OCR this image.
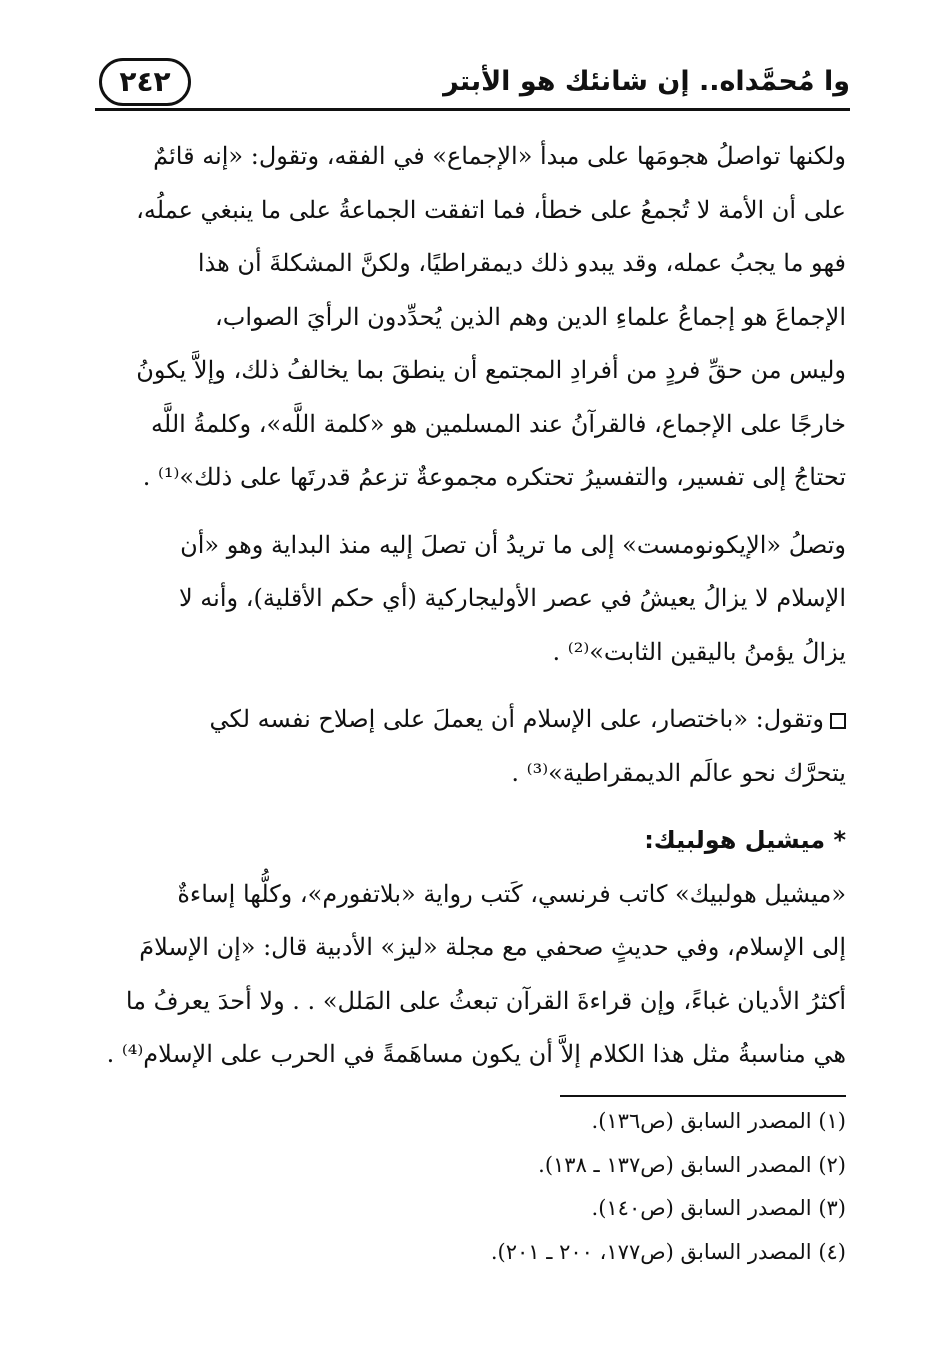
وا مُحمَّداه.. إن شانئك هو الأبتر
٢٤٢
ولكنها تواصلُ هجومَها على مبدأ «الإجماع» في الفقه، وتقول: «إنه قائمٌ
على أن الأمة لا تُجمعُ على خطأ، فما اتفقت الجماعةُ على ما ينبغي عملُه،
فهو ما يجبُ عمله، وقد يبدو ذلك ديمقراطيًا، ولكنَّ المشكلةَ أن هذا
الإجماعَ هو إجماعُ علماءِ الدين وهم الذين يُحدِّدون الرأيَ الصواب،
وليس من حقِّ فردٍ من أفرادِ المجتمع أن ينطقَ بما يخالفُ ذلك، وإلاَّ يكونُ
خارجًا على الإجماع، فالقرآنُ عند المسلمين هو «كلمة اللَّه»، وكلمةُ اللَّه
تحتاجُ إلى تفسير، والتفسيرُ تحتكره مجموعةٌ تزعمُ قدرتَها على ذلك»⁽¹⁾ .
وتصلُ «الإيكونومست» إلى ما تريدُ أن تصلَ إليه منذ البداية وهو «أن
الإسلام لا يزالُ يعيشُ في عصر الأوليجاركية (أي حكم الأقلية)، وأنه لا
يزالُ يؤمنُ باليقين الثابت»⁽²⁾ .
وتقول: «باختصار، على الإسلام أن يعملَ على إصلاح نفسه لكي
يتحرَّك نحو عالَم الديمقراطية»⁽³⁾ .
* ميشيل هولبيك:
«ميشيل هولبيك» كاتب فرنسي، كَتب رواية «بلاتفورم»، وكلُّها إساءةٌ
إلى الإسلام، وفي حديثٍ صحفي مع مجلة «ليز» الأدبية قال: «إن الإسلامَ
أكثرُ الأديان غباءً، وإن قراءةَ القرآن تبعثُ على المَلل» . . ولا أحدَ يعرفُ ما
هي مناسبةُ مثل هذا الكلام إلاَّ أن يكون مساهَمةً في الحرب على الإسلام⁽⁴⁾ .
(١) المصدر السابق (ص١٣٦).
(٢) المصدر السابق (ص١٣٧ ـ ١٣٨).
(٣) المصدر السابق (ص١٤٠).
(٤) المصدر السابق (ص١٧٧، ٢٠٠ ـ ٢٠١).
